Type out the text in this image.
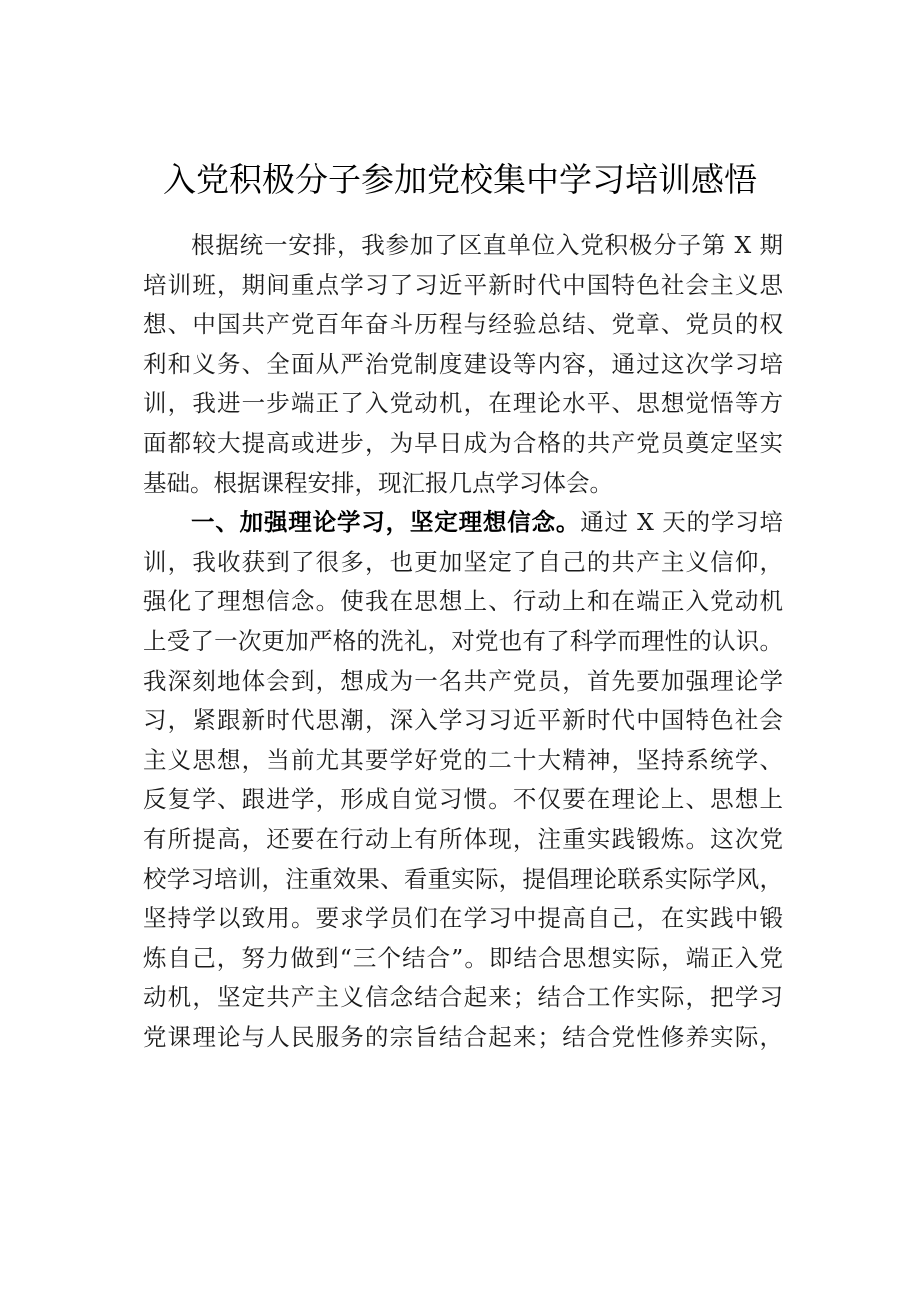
入党积极分子参加党校集中学习培训感悟
根据统一安排，我参加了区直单位入党积极分子第 X 期
培训班，期间重点学习了习近平新时代中国特色社会主义思
想、中国共产党百年奋斗历程与经验总结、党章、党员的权
利和义务、全面从严治党制度建设等内容，通过这次学习培
训，我进一步端正了入党动机，在理论水平、思想觉悟等方
面都较大提高或进步，为早日成为合格的共产党员奠定坚实
基础。根据课程安排，现汇报几点学习体会。
一、加强理论学习，坚定理想信念。通过 X 天的学习培
训，我收获到了很多，也更加坚定了自己的共产主义信仰，
强化了理想信念。使我在思想上、行动上和在端正入党动机
上受了一次更加严格的洗礼，对党也有了科学而理性的认识。
我深刻地体会到，想成为一名共产党员，首先要加强理论学
习，紧跟新时代思潮，深入学习习近平新时代中国特色社会
主义思想，当前尤其要学好党的二十大精神，坚持系统学、
反复学、跟进学，形成自觉习惯。不仅要在理论上、思想上
有所提高，还要在行动上有所体现，注重实践锻炼。这次党
校学习培训，注重效果、看重实际，提倡理论联系实际学风，
坚持学以致用。要求学员们在学习中提高自己，在实践中锻
炼自己，努力做到“三个结合”。即结合思想实际，端正入党
动机，坚定共产主义信念结合起来；结合工作实际，把学习
党课理论与人民服务的宗旨结合起来；结合党性修养实际，
